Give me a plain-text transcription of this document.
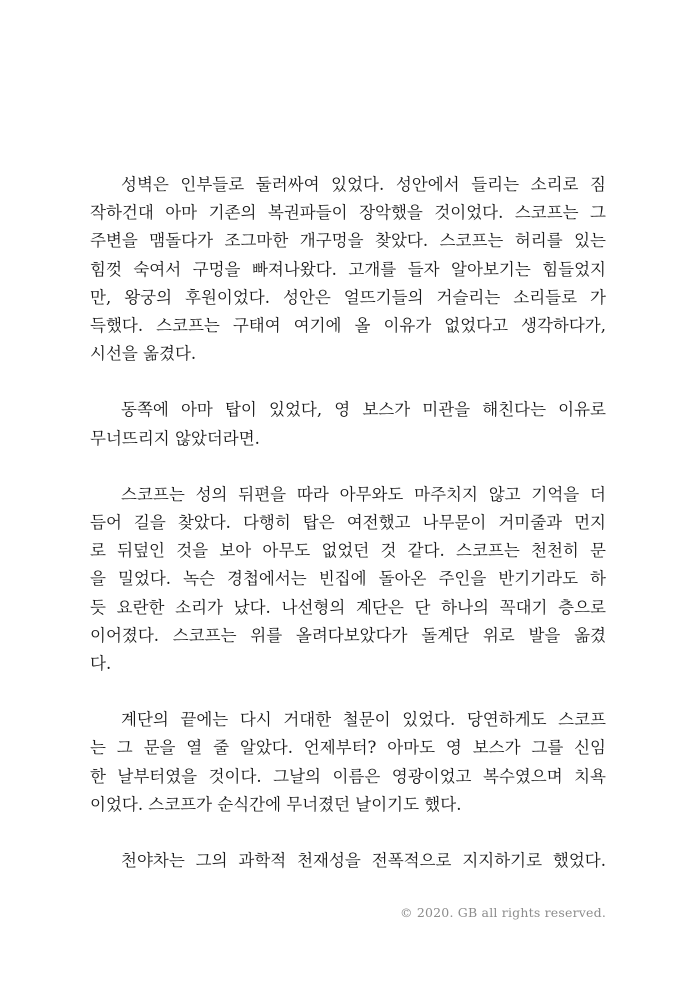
성벽은 인부들로 둘러싸여 있었다. 성안에서 들리는 소리로 짐
작하건대 아마 기존의 복권파들이 장악했을 것이었다. 스코프는 그
주변을 맴돌다가 조그마한 개구멍을 찾았다. 스코프는 허리를 있는
힘껏 숙여서 구멍을 빠져나왔다. 고개를 들자 알아보기는 힘들었지
만, 왕궁의 후원이었다. 성안은 얼뜨기들의 거슬리는 소리들로 가
득했다. 스코프는 구태여 여기에 올 이유가 없었다고 생각하다가,
시선을 옮겼다.
동쪽에 아마 탑이 있었다, 영 보스가 미관을 해친다는 이유로
무너뜨리지 않았더라면.
스코프는 성의 뒤편을 따라 아무와도 마주치지 않고 기억을 더
듬어 길을 찾았다. 다행히 탑은 여전했고 나무문이 거미줄과 먼지
로 뒤덮인 것을 보아 아무도 없었던 것 같다. 스코프는 천천히 문
을 밀었다. 녹슨 경첩에서는 빈집에 돌아온 주인을 반기기라도 하
듯 요란한 소리가 났다. 나선형의 계단은 단 하나의 꼭대기 층으로
이어졌다. 스코프는 위를 올려다보았다가 돌계단 위로 발을 옮겼
다.
계단의 끝에는 다시 거대한 철문이 있었다. 당연하게도 스코프
는 그 문을 열 줄 알았다. 언제부터? 아마도 영 보스가 그를 신임
한 날부터였을 것이다. 그날의 이름은 영광이었고 복수였으며 치욕
이었다. 스코프가 순식간에 무너졌던 날이기도 했다.
천야차는 그의 과학적 천재성을 전폭적으로 지지하기로 했었다.
© 2020. GB all rights reserved.
